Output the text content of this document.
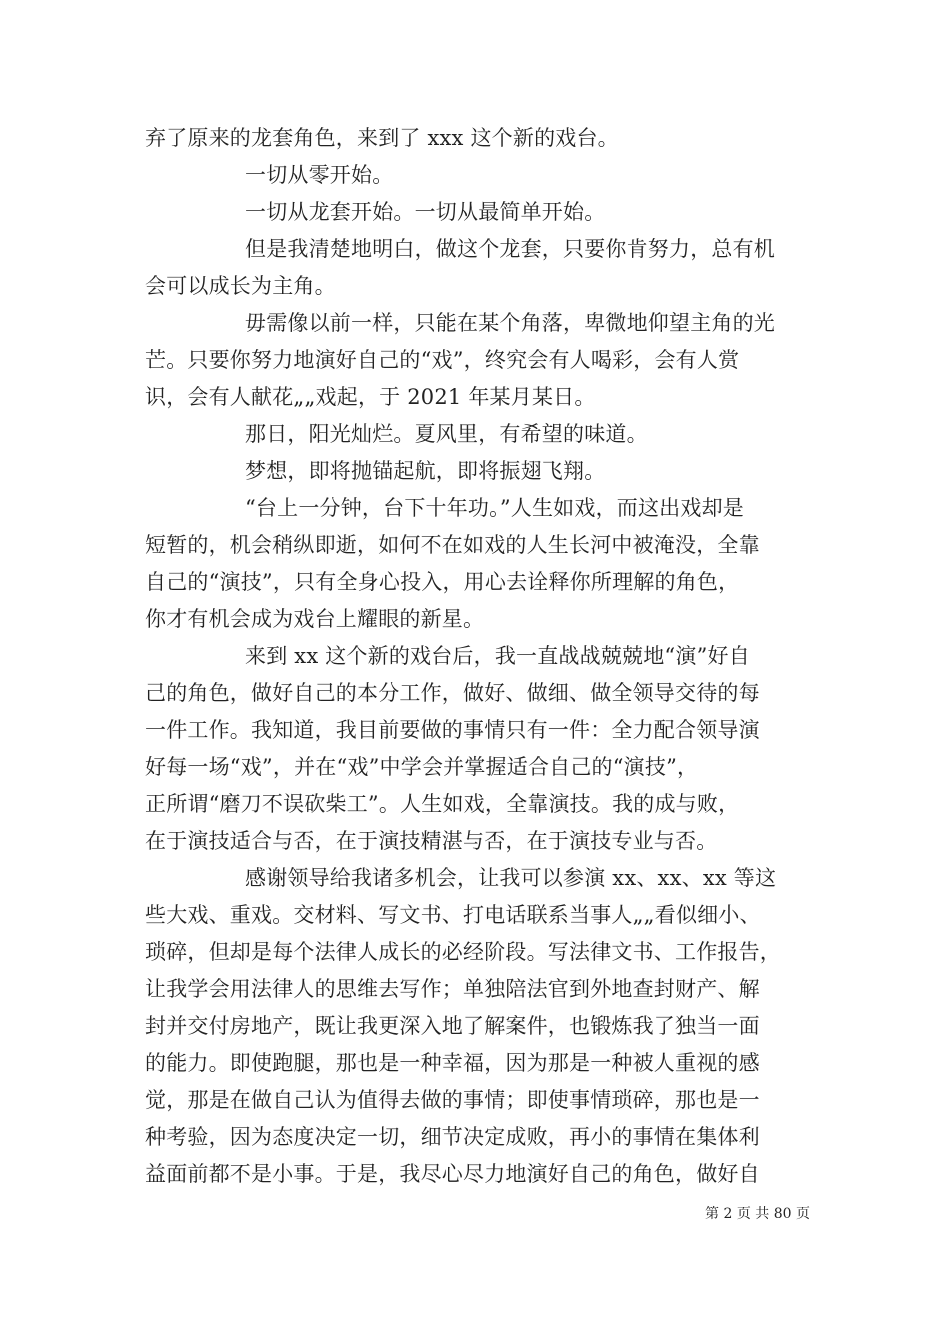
弃了原来的龙套角色，来到了 xxx 这个新的戏台。
一切从零开始。
一切从龙套开始。一切从最简单开始。
但是我清楚地明白，做这个龙套，只要你肯努力，总有机
会可以成长为主角。
毋需像以前一样，只能在某个角落，卑微地仰望主角的光
芒。只要你努力地演好自己的“戏”，终究会有人喝彩，会有人赏
识，会有人献花„„戏起，于 2021 年某月某日。
那日，阳光灿烂。夏风里，有希望的味道。
梦想，即将抛锚起航，即将振翅飞翔。
“台上一分钟，台下十年功。”人生如戏，而这出戏却是
短暂的，机会稍纵即逝，如何不在如戏的人生长河中被淹没，全靠
自己的“演技”，只有全身心投入，用心去诠释你所理解的角色，
你才有机会成为戏台上耀眼的新星。
来到 xx 这个新的戏台后，我一直战战兢兢地“演”好自
己的角色，做好自己的本分工作，做好、做细、做全领导交待的每
一件工作。我知道，我目前要做的事情只有一件：全力配合领导演
好每一场“戏”，并在“戏”中学会并掌握适合自己的“演技”，
正所谓“磨刀不误砍柴工”。人生如戏，全靠演技。我的成与败，
在于演技适合与否，在于演技精湛与否，在于演技专业与否。
感谢领导给我诸多机会，让我可以参演 xx、xx、xx 等这
些大戏、重戏。交材料、写文书、打电话联系当事人„„看似细小、
琐碎，但却是每个法律人成长的必经阶段。写法律文书、工作报告，
让我学会用法律人的思维去写作；单独陪法官到外地查封财产、解
封并交付房地产，既让我更深入地了解案件，也锻炼我了独当一面
的能力。即使跑腿，那也是一种幸福，因为那是一种被人重视的感
觉，那是在做自己认为值得去做的事情；即使事情琐碎，那也是一
种考验，因为态度决定一切，细节决定成败，再小的事情在集体利
益面前都不是小事。于是，我尽心尽力地演好自己的角色，做好自
第 2 页 共 80 页
